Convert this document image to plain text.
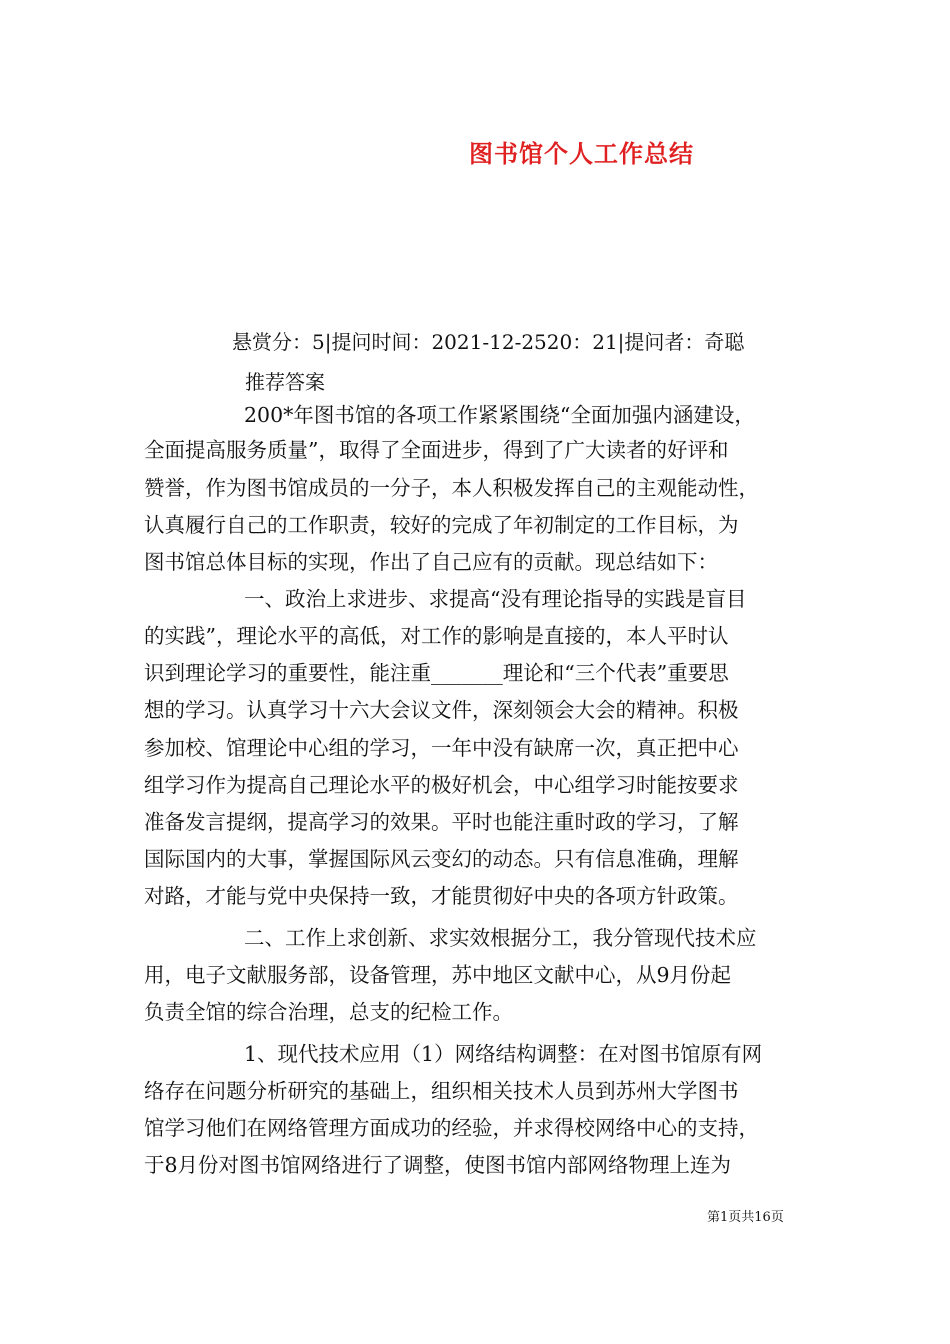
图书馆个人工作总结
悬赏分：5|提问时间：2021-12-2520：21|提问者：奇聪
推荐答案
200*年图书馆的各项工作紧紧围绕“全面加强内涵建设，
全面提高服务质量”，取得了全面进步，得到了广大读者的好评和
赞誉，作为图书馆成员的一分子，本人积极发挥自己的主观能动性，
认真履行自己的工作职责，较好的完成了年初制定的工作目标，为
图书馆总体目标的实现，作出了自己应有的贡献。现总结如下：
一、政治上求进步、求提高“没有理论指导的实践是盲目
的实践”，理论水平的高低，对工作的影响是直接的，本人平时认
识到理论学习的重要性，能注重_______理论和“三个代表”重要思
想的学习。认真学习十六大会议文件，深刻领会大会的精神。积极
参加校、馆理论中心组的学习，一年中没有缺席一次，真正把中心
组学习作为提高自己理论水平的极好机会，中心组学习时能按要求
准备发言提纲，提高学习的效果。平时也能注重时政的学习，了解
国际国内的大事，掌握国际风云变幻的动态。只有信息准确，理解
对路，才能与党中央保持一致，才能贯彻好中央的各项方针政策。
二、工作上求创新、求实效根据分工，我分管现代技术应
用，电子文献服务部，设备管理，苏中地区文献中心，从9月份起
负责全馆的综合治理，总支的纪检工作。
1、现代技术应用（1）网络结构调整：在对图书馆原有网
络存在问题分析研究的基础上，组织相关技术人员到苏州大学图书
馆学习他们在网络管理方面成功的经验，并求得校网络中心的支持，
于8月份对图书馆网络进行了调整，使图书馆内部网络物理上连为
第1页共16页
